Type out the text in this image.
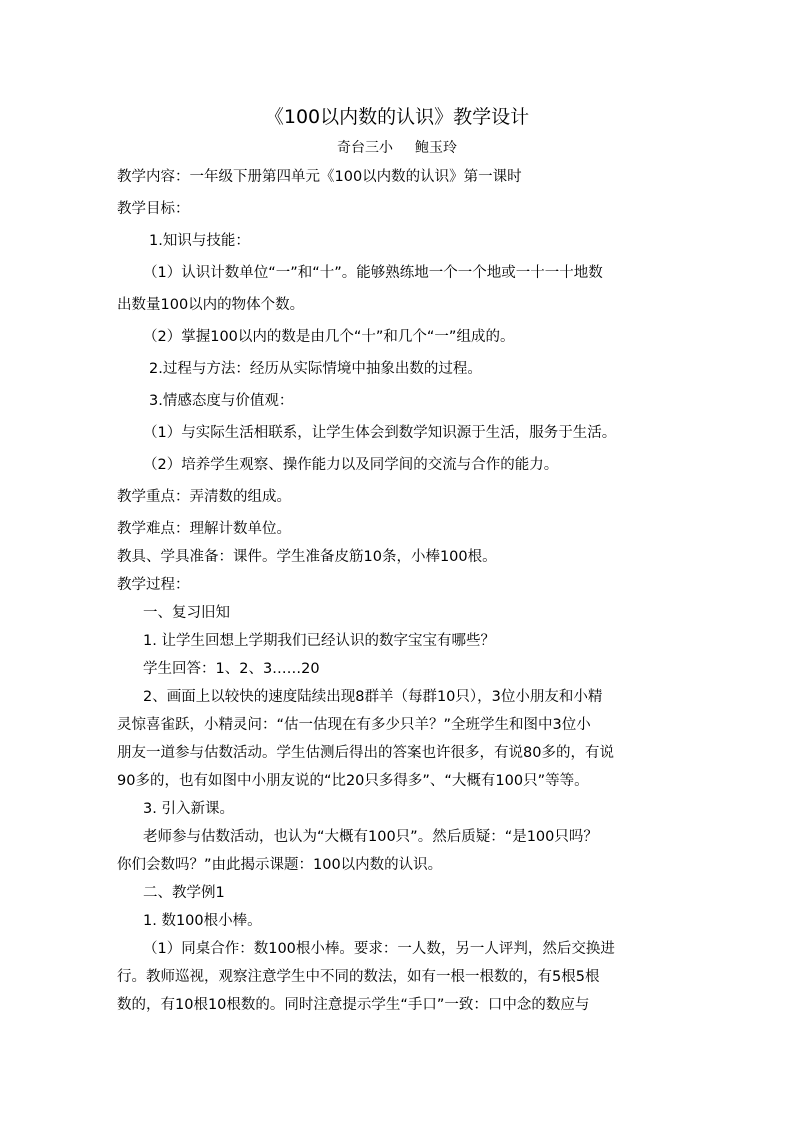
《100以内数的认识》教学设计
奇台三小 鲍玉玲
教学内容：一年级下册第四单元《100以内数的认识》第一课时
教学目标：
1.知识与技能：
（1）认识计数单位“一”和“十”。能够熟练地一个一个地或一十一十地数
出数量100以内的物体个数。
（2）掌握100以内的数是由几个“十”和几个“一”组成的。
2.过程与方法：经历从实际情境中抽象出数的过程。
3.情感态度与价值观：
（1）与实际生活相联系，让学生体会到数学知识源于生活，服务于生活。
（2）培养学生观察、操作能力以及同学间的交流与合作的能力。
教学重点：弄清数的组成。
教学难点：理解计数单位。
教具、学具准备：课件。学生准备皮筋10条，小棒100根。
教学过程：
一、复习旧知
1. 让学生回想上学期我们已经认识的数字宝宝有哪些？
学生回答：1、2、3……20
2、画面上以较快的速度陆续出现8群羊（每群10只），3位小朋友和小精
灵惊喜雀跃，小精灵问：“估一估现在有多少只羊？”全班学生和图中3位小
朋友一道参与估数活动。学生估测后得出的答案也许很多，有说80多的，有说
90多的，也有如图中小朋友说的“比20只多得多”、“大概有100只”等等。
3. 引入新课。
老师参与估数活动，也认为“大概有100只”。然后质疑：“是100只吗？
你们会数吗？”由此揭示课题：100以内数的认识。
二、教学例1
1. 数100根小棒。
（1）同桌合作：数100根小棒。要求：一人数，另一人评判，然后交换进
行。教师巡视，观察注意学生中不同的数法，如有一根一根数的，有5根5根
数的，有10根10根数的。同时注意提示学生“手口”一致：口中念的数应与
